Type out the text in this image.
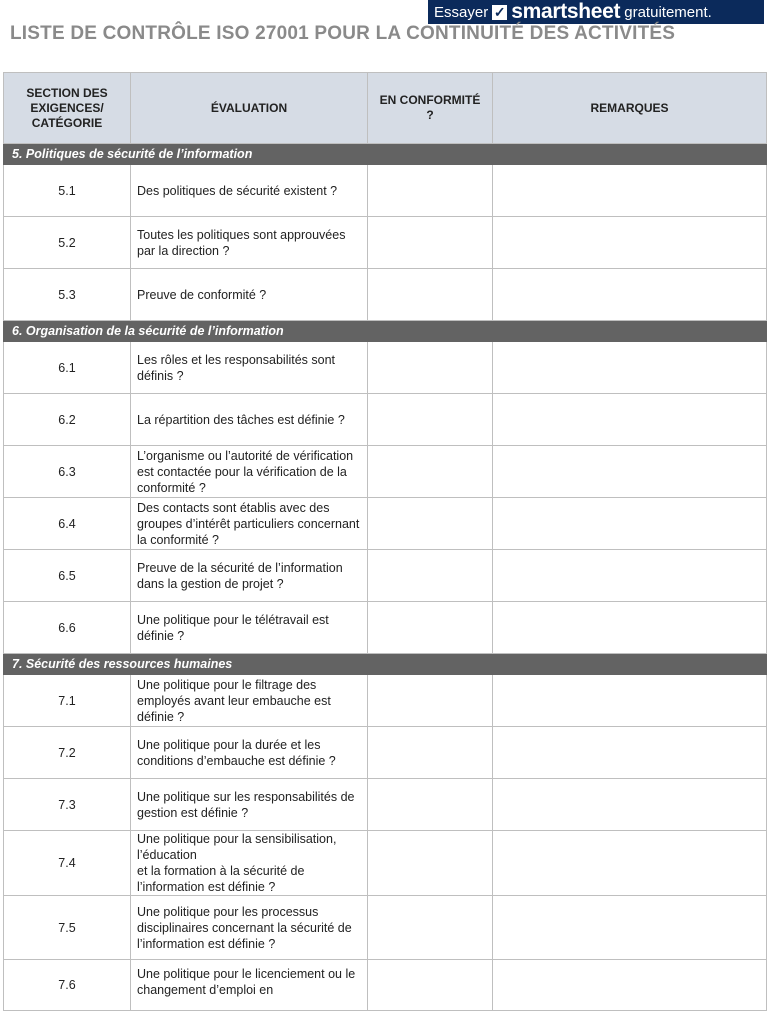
Essayer ✓ smartsheet gratuitement.
LISTE DE CONTRÔLE ISO 27001 POUR LA CONTINUITÉ DES ACTIVITÉS
SECTION DES EXIGENCES/ CATÉGORIE	ÉVALUATION	EN CONFORMITÉ ?	REMARQUES
5. Politiques de sécurité de l’information			
5.1	Des politiques de sécurité existent ?		
5.2	Toutes les politiques sont approuvées par la direction ?		
5.3	Preuve de conformité ?		
6. Organisation de la sécurité de l’information			
6.1	Les rôles et les responsabilités sont définis ?		
6.2	La répartition des tâches est définie ?		
6.3	L’organisme ou l’autorité de vérification est contactée pour la vérification de la conformité ?		
6.4	Des contacts sont établis avec des groupes d’intérêt particuliers concernant la conformité ?		
6.5	Preuve de la sécurité de l’information dans la gestion de projet ?		
6.6	Une politique pour le télétravail est définie ?		
7. Sécurité des ressources humaines			
7.1	Une politique pour le filtrage des employés avant leur embauche est définie ?		
7.2	Une politique pour la durée et les conditions d’embauche est définie ?		
7.3	Une politique sur les responsabilités de gestion est définie ?		
7.4	Une politique pour la sensibilisation, l’éducation
et la formation à la sécurité de l’information est définie ?		
7.5	Une politique pour les processus disciplinaires concernant la sécurité de l’information est définie ?		
7.6	Une politique pour le licenciement ou le changement d’emploi en		
